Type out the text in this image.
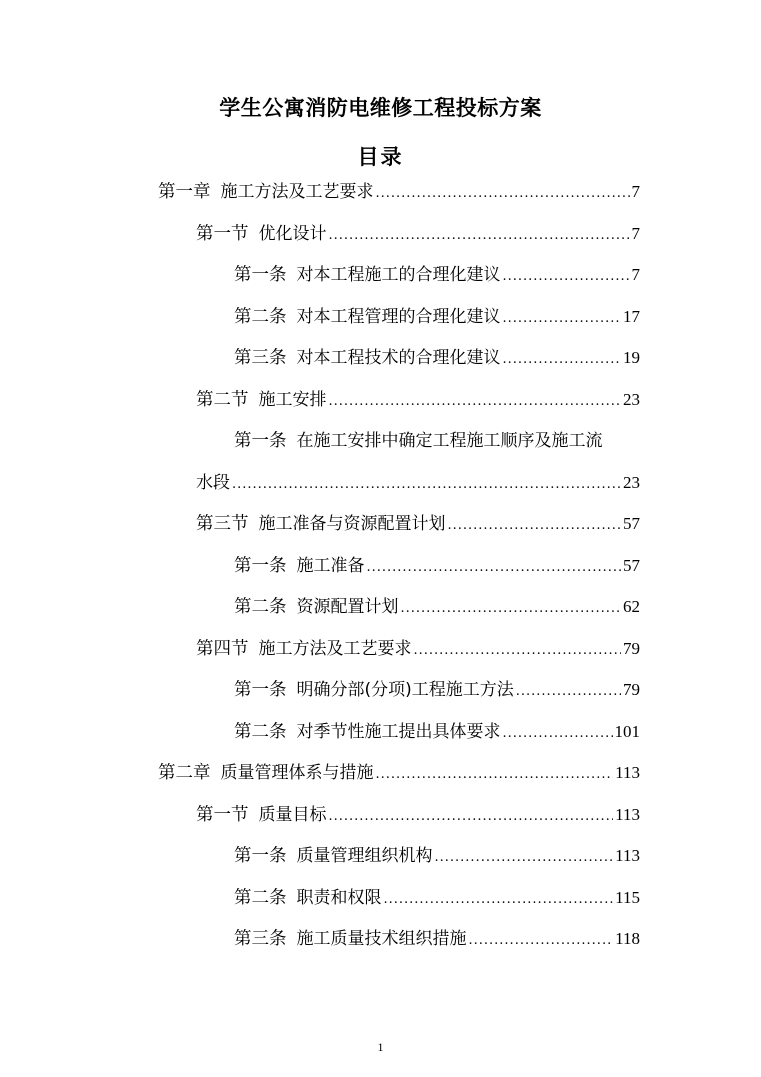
学生公寓消防电维修工程投标方案
目录
第一章 施工方法及工艺要求 .....	7
第一节 优化设计 .....	7
第一条 对本工程施工的合理化建议 .....	7
第二条 对本工程管理的合理化建议 .....	17
第三条 对本工程技术的合理化建议 .....	19
第二节 施工安排 .....	23
第一条 在施工安排中确定工程施工顺序及施工流
水段 .....	23
第三节 施工准备与资源配置计划 .....	57
第一条 施工准备 .....	57
第二条 资源配置计划 .....	62
第四节 施工方法及工艺要求 .....	79
第一条 明确分部(分项)工程施工方法 .....	79
第二条 对季节性施工提出具体要求 .....	101
第二章 质量管理体系与措施 .....	113
第一节 质量目标 .....	113
第一条 质量管理组织机构 .....	113
第二条 职责和权限 .....	115
第三条 施工质量技术组织措施 .....	118
1
